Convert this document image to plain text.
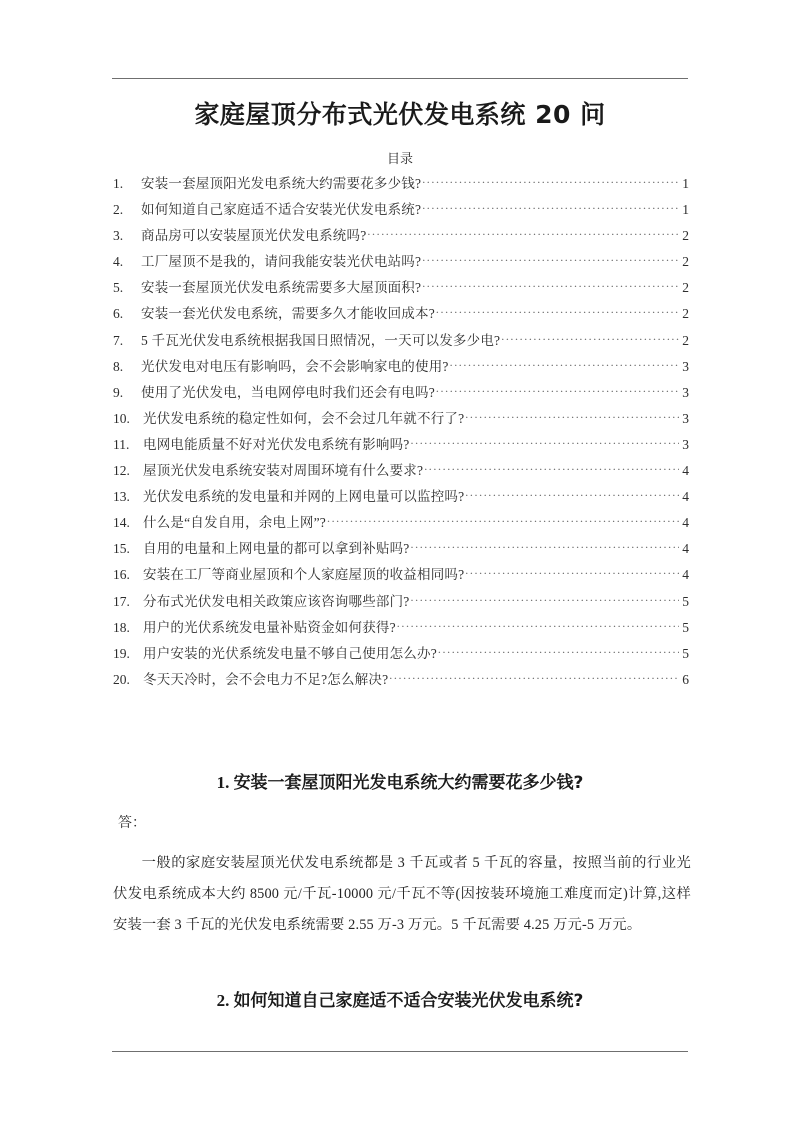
家庭屋顶分布式光伏发电系统 20 问
目录
1.	安装一套屋顶阳光发电系统大约需要花多少钱? .....	1
2.	如何知道自己家庭适不适合安装光伏发电系统? .....	1
3.	商品房可以安装屋顶光伏发电系统吗? .....	2
4.	工厂屋顶不是我的，请问我能安装光伏电站吗? .....	2
5.	安装一套屋顶光伏发电系统需要多大屋顶面积? .....	2
6.	安装一套光伏发电系统，需要多久才能收回成本? .....	2
7.	5 千瓦光伏发电系统根据我国日照情况，一天可以发多少电? .....	2
8.	光伏发电对电压有影响吗，会不会影响家电的使用? .....	3
9.	使用了光伏发电，当电网停电时我们还会有电吗? .....	3
10. 光伏发电系统的稳定性如何，会不会过几年就不行了? .....	3
11.	电网电能质量不好对光伏发电系统有影响吗? .....	3
12. 屋顶光伏发电系统安装对周围环境有什么要求? .....	4
13. 光伏发电系统的发电量和并网的上网电量可以监控吗? .....	4
14. 什么是“自发自用，余电上网”? .....	4
15. 自用的电量和上网电量的都可以拿到补贴吗? .....	4
16. 安装在工厂等商业屋顶和个人家庭屋顶的收益相同吗? .....	4
17. 分布式光伏发电相关政策应该咨询哪些部门? .....	5
18. 用户的光伏系统发电量补贴资金如何获得? .....	5
19. 用户安装的光伏系统发电量不够自己使用怎么办? .....	5
20. 冬天天冷时，会不会电力不足?怎么解决? .....	6
1. 安装一套屋顶阳光发电系统大约需要花多少钱?
答：
一般的家庭安装屋顶光伏发电系统都是 3 千瓦或者 5 千瓦的容量，按照当前的行业光伏发电系统成本大约 8500 元/千瓦-10000 元/千瓦不等(因按装环境施工难度而定)计算,这样安装一套 3 千瓦的光伏发电系统需要 2.55 万-3 万元。5 千瓦需要 4.25 万元-5 万元。
2. 如何知道自己家庭适不适合安装光伏发电系统?
